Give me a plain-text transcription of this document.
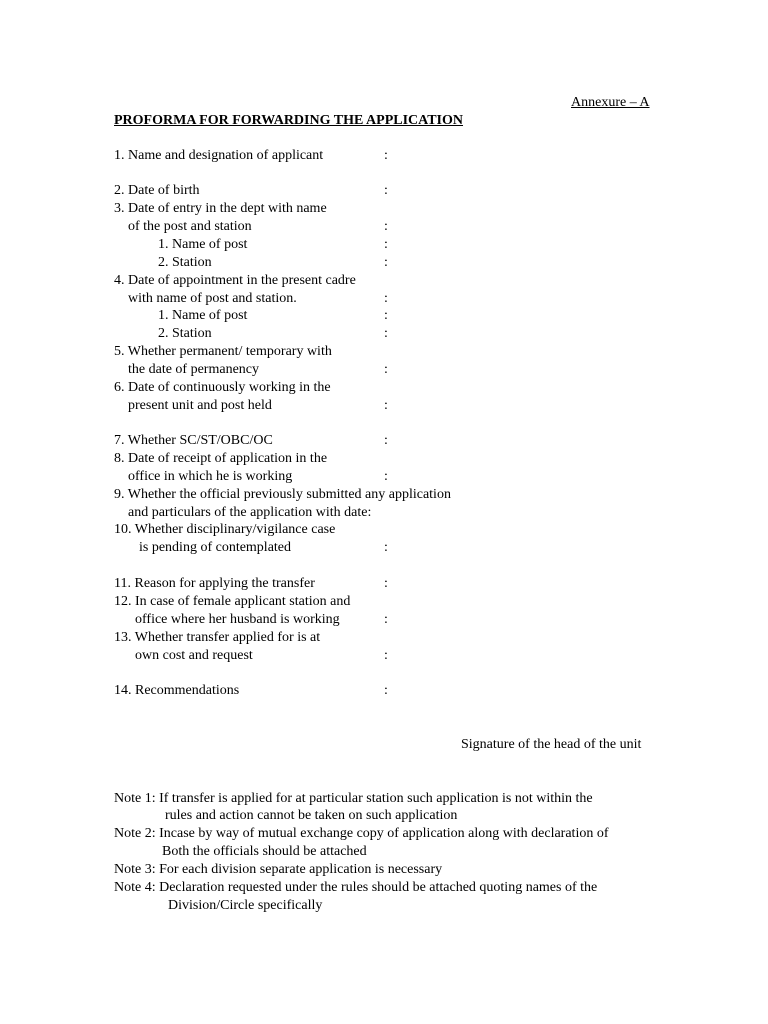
Annexure – A
PROFORMA FOR FORWARDING THE APPLICATION
1. Name and designation of applicant
2. Date of birth
3. Date of entry in the dept with name
of the post and station
1. Name of post
2. Station
4. Date of appointment in the present cadre
with name of post and station.
1. Name of post
2. Station
5. Whether permanent/ temporary with
the date of permanency
6. Date of continuously working in the
present unit and post held
7. Whether SC/ST/OBC/OC
8. Date of receipt of application in the
office in which he is working
9. Whether the official previously submitted any application
and particulars of the application with date:
10. Whether disciplinary/vigilance case
is pending of contemplated
11. Reason for applying the transfer
12. In case of female applicant station and
office where her husband is working
13. Whether transfer applied for is at
own cost and request
14. Recommendations
:
:
:
:
:
:
:
:
:
:
:
:
:
:
:
:
:
Signature of the head of the unit
Note 1: If transfer is applied for at particular station such application is not within the
rules and action cannot be taken on such application
Note 2: Incase by way of mutual exchange copy of application along with declaration of
Both the officials should be attached
Note 3: For each division separate application is necessary
Note 4: Declaration requested under the rules should be attached quoting names of the
Division/Circle specifically
